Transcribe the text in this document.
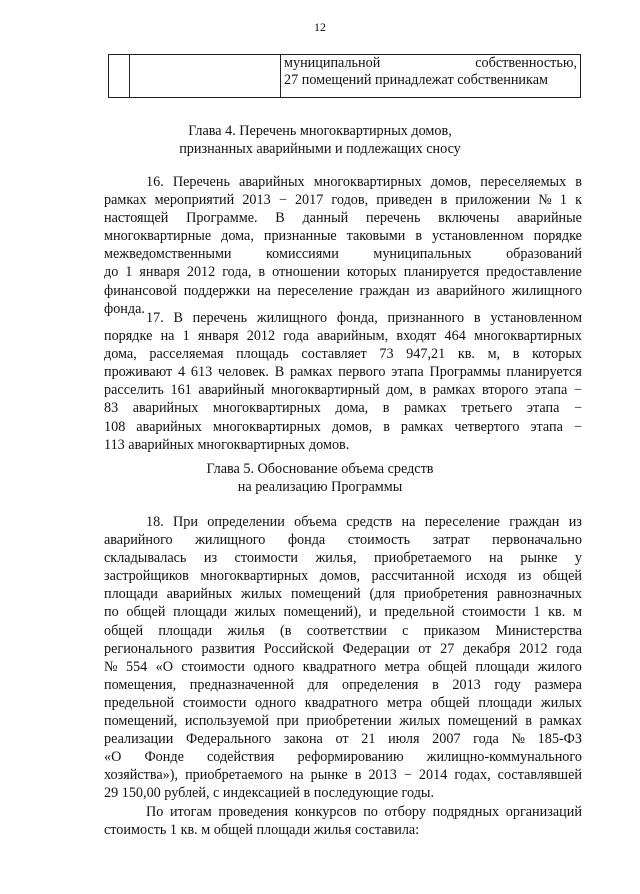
12

муниципальной	собственностью,
27 помещений принадлежат собственникам
Глава 4. Перечень многоквартирных домов,
признанных аварийными и подлежащих сносу
16. Перечень аварийных многоквартирных домов, переселяемых в
рамках мероприятий 2013 − 2017 годов, приведен в приложении № 1 к
настоящей Программе. В данный перечень включены аварийные
многоквартирные дома, признанные таковыми в установленном порядке
межведомственными комиссиями муниципальных образований
до 1 января 2012 года, в отношении которых планируется предоставление
финансовой поддержки на переселение граждан из аварийного жилищного
фонда.
17. В перечень жилищного фонда, признанного в установленном
порядке на 1 января 2012 года аварийным, входят 464 многоквартирных
дома, расселяемая площадь составляет 73 947,21 кв. м, в которых
проживают 4 613 человек. В рамках первого этапа Программы планируется
расселить 161 аварийный многоквартирный дом, в рамках второго этапа −
83 аварийных многоквартирных дома, в рамках третьего этапа −
108 аварийных многоквартирных домов, в рамках четвертого этапа −
113 аварийных многоквартирных домов.
Глава 5. Обоснование объема средств
на реализацию Программы
18. При определении объема средств на переселение граждан из
аварийного жилищного фонда стоимость затрат первоначально
складывалась из стоимости жилья, приобретаемого на рынке у
застройщиков многоквартирных домов, рассчитанной исходя из общей
площади аварийных жилых помещений (для приобретения равнозначных
по общей площади жилых помещений), и предельной стоимости 1 кв. м
общей площади жилья (в соответствии с приказом Министерства
регионального развития Российской Федерации от 27 декабря 2012 года
№ 554 «О стоимости одного квадратного метра общей площади жилого
помещения, предназначенной для определения в 2013 году размера
предельной стоимости одного квадратного метра общей площади жилых
помещений, используемой при приобретении жилых помещений в рамках
реализации Федерального закона от 21 июля 2007 года № 185-ФЗ
«О Фонде содействия реформированию жилищно-коммунального
хозяйства»), приобретаемого на рынке в 2013 − 2014 годах, составлявшей
29 150,00 рублей, с индексацией в последующие годы.
По итогам проведения конкурсов по отбору подрядных организаций
стоимость 1 кв. м общей площади жилья составила:
